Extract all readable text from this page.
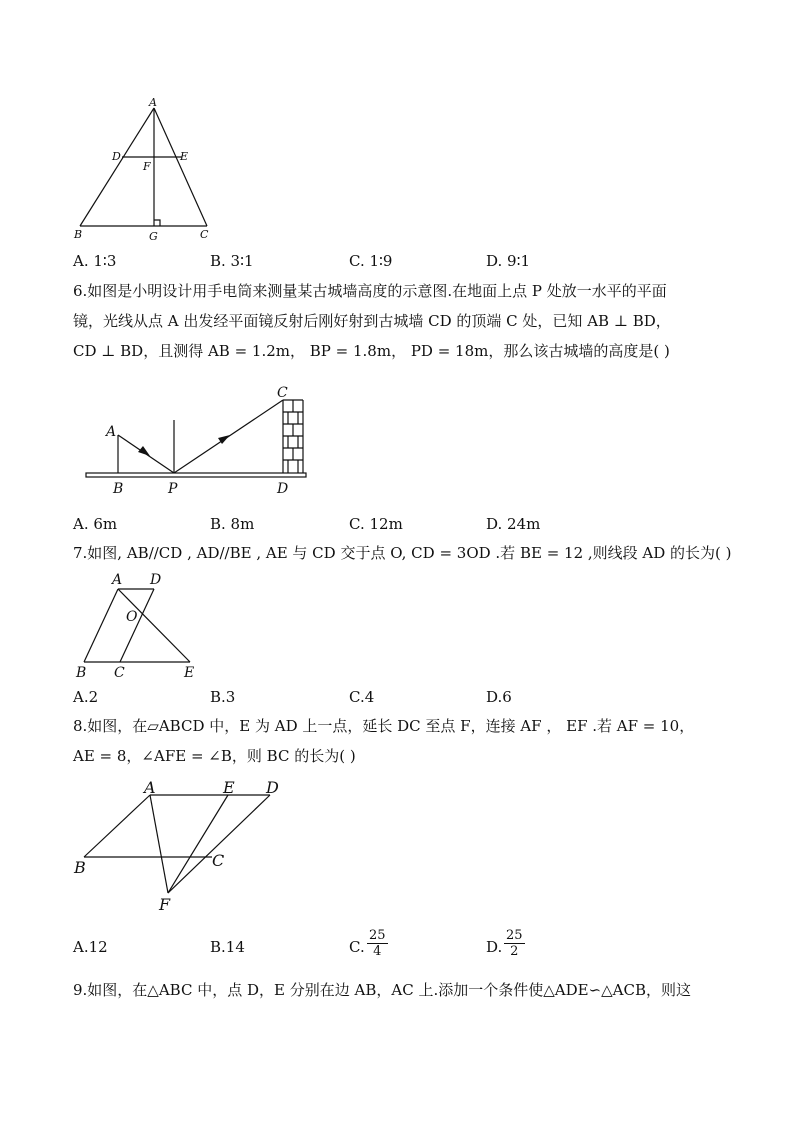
A
D	E
F
B	G	C
A. 1∶3	B. 3∶1	C. 1∶9	D. 9∶1
6.如图是小明设计用手电筒来测量某古城墙高度的示意图.在地面上点 P 处放一水平的平面
镜，光线从点 A 出发经平面镜反射后刚好射到古城墙 CD 的顶端 C 处，已知 AB ⊥ BD，
CD ⊥ BD，且测得 AB = 1.2m， BP = 1.8m， PD = 18m，那么该古城墙的高度是( )
A
B	P
C
D
A. 6m	B. 8m	C. 12m	D. 24m
7.如图, AB//CD , AD//BE , AE 与 CD 交于点 O, CD = 3OD .若 BE = 12 ,则线段 AD 的长为( )
A D
O
B C	E
A.2	B.3	C.4	D.6
8.如图，在▱ABCD 中，E 为 AD 上一点，延长 DC 至点 F，连接 AF ， EF .若 AF = 10，
AE = 8，∠AFE = ∠B，则 BC 的长为( )
A	E D
B	C
F
A.12	B.14	C. $\frac{25}{4}$	D. $\frac{25}{2}$
9.如图，在△ABC 中，点 D，E 分别在边 AB，AC 上.添加一个条件使△ADE∽△ACB，则这
